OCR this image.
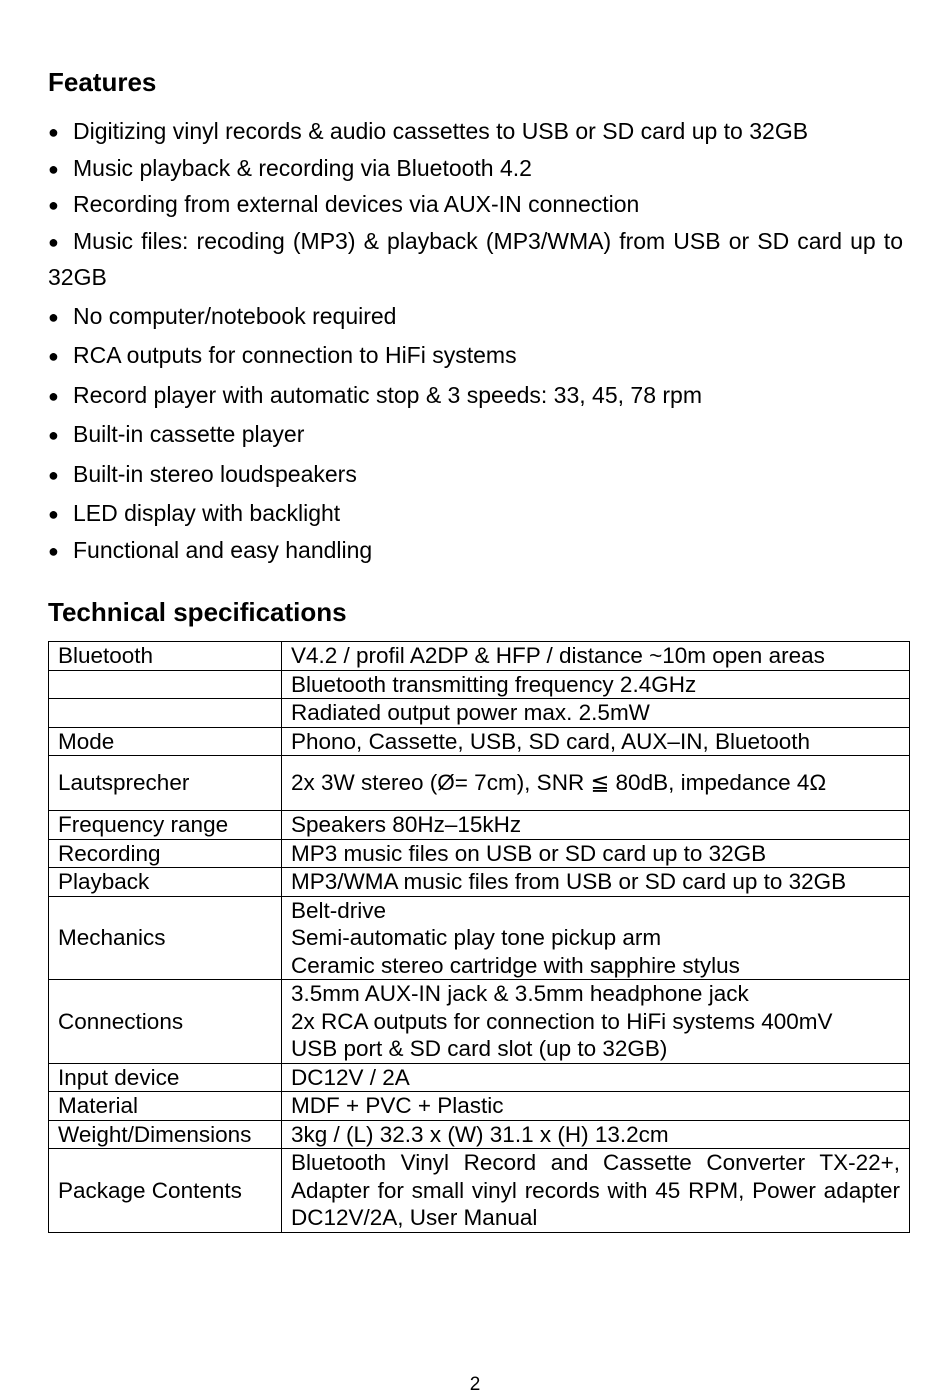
Features
● Digitizing vinyl records & audio cassettes to USB or SD card up to 32GB
● Music playback & recording via Bluetooth 4.2
● Recording from external devices via AUX-IN connection
● Music files: recoding (MP3) & playback (MP3/WMA) from USB or SD card up to 32GB
● No computer/notebook required
● RCA outputs for connection to HiFi systems
● Record player with automatic stop & 3 speeds: 33, 45, 78 rpm
● Built-in cassette player
● Built-in stereo loudspeakers
● LED display with backlight
● Functional and easy handling
Technical specifications
Bluetooth	V4.2 / profil A2DP & HFP / distance ~10m open areas

	Bluetooth transmitting frequency 2.4GHz

	Radiated output power max. 2.5mW

Mode	Phono, Cassette, USB, SD card, AUX–IN, Bluetooth

Lautsprecher	2x 3W stereo (Ø= 7cm), SNR ≦ 80dB, impedance 4Ω

Frequency range	Speakers 80Hz–15kHz

Recording	MP3 music files on USB or SD card up to 32GB

Playback	MP3/WMA music files from USB or SD card up to 32GB

Mechanics	Belt-drive
Semi-automatic play tone pickup arm
Ceramic stereo cartridge with sapphire stylus

Connections	3.5mm AUX-IN jack & 3.5mm headphone jack
2x RCA outputs for connection to HiFi systems 400mV
USB port & SD card slot (up to 32GB)

Input device	DC12V / 2A

Material	MDF + PVC + Plastic

Weight/Dimensions	3kg / (L) 32.3 x (W) 31.1 x (H) 13.2cm

Package Contents	Bluetooth Vinyl Record and Cassette Converter TX-22+, Adapter for small vinyl records with 45 RPM, Power adapter DC12V/2A, User Manual
2
